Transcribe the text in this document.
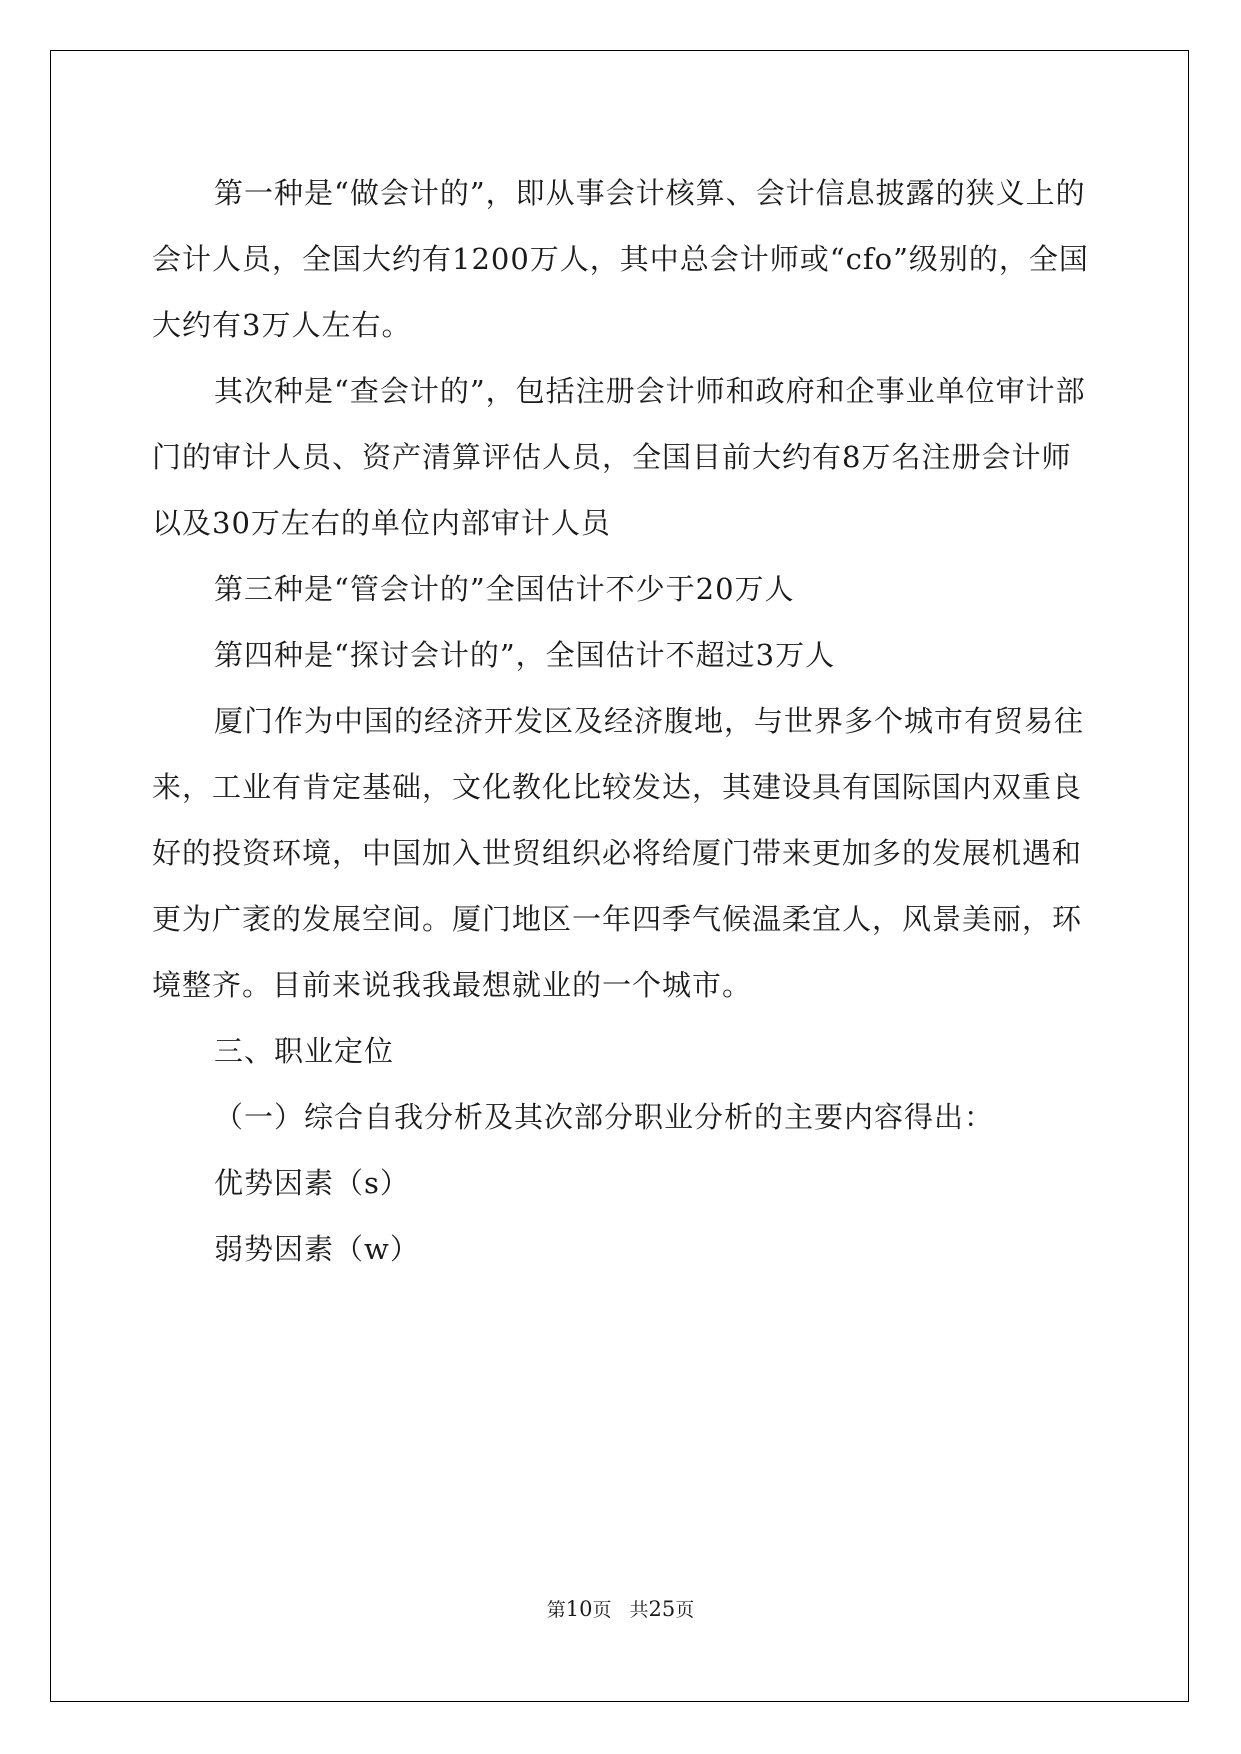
第一种是“做会计的”，即从事会计核算、会计信息披露的狭义上的会计人员，全国大约有1200万人，其中总会计师或“cfo”级别的，全国大约有3万人左右。

其次种是“查会计的”，包括注册会计师和政府和企事业单位审计部门的审计人员、资产清算评估人员，全国目前大约有8万名注册会计师以及30万左右的单位内部审计人员

第三种是“管会计的”全国估计不少于20万人

第四种是“探讨会计的”，全国估计不超过3万人

厦门作为中国的经济开发区及经济腹地，与世界多个城市有贸易往来，工业有肯定基础，文化教化比较发达，其建设具有国际国内双重良好的投资环境，中国加入世贸组织必将给厦门带来更加多的发展机遇和更为广袤的发展空间。厦门地区一年四季气候温柔宜人，风景美丽，环境整齐。目前来说我我最想就业的一个城市。

三、职业定位

（一）综合自我分析及其次部分职业分析的主要内容得出：

优势因素（s）

弱势因素（w）

第10页 共25页
